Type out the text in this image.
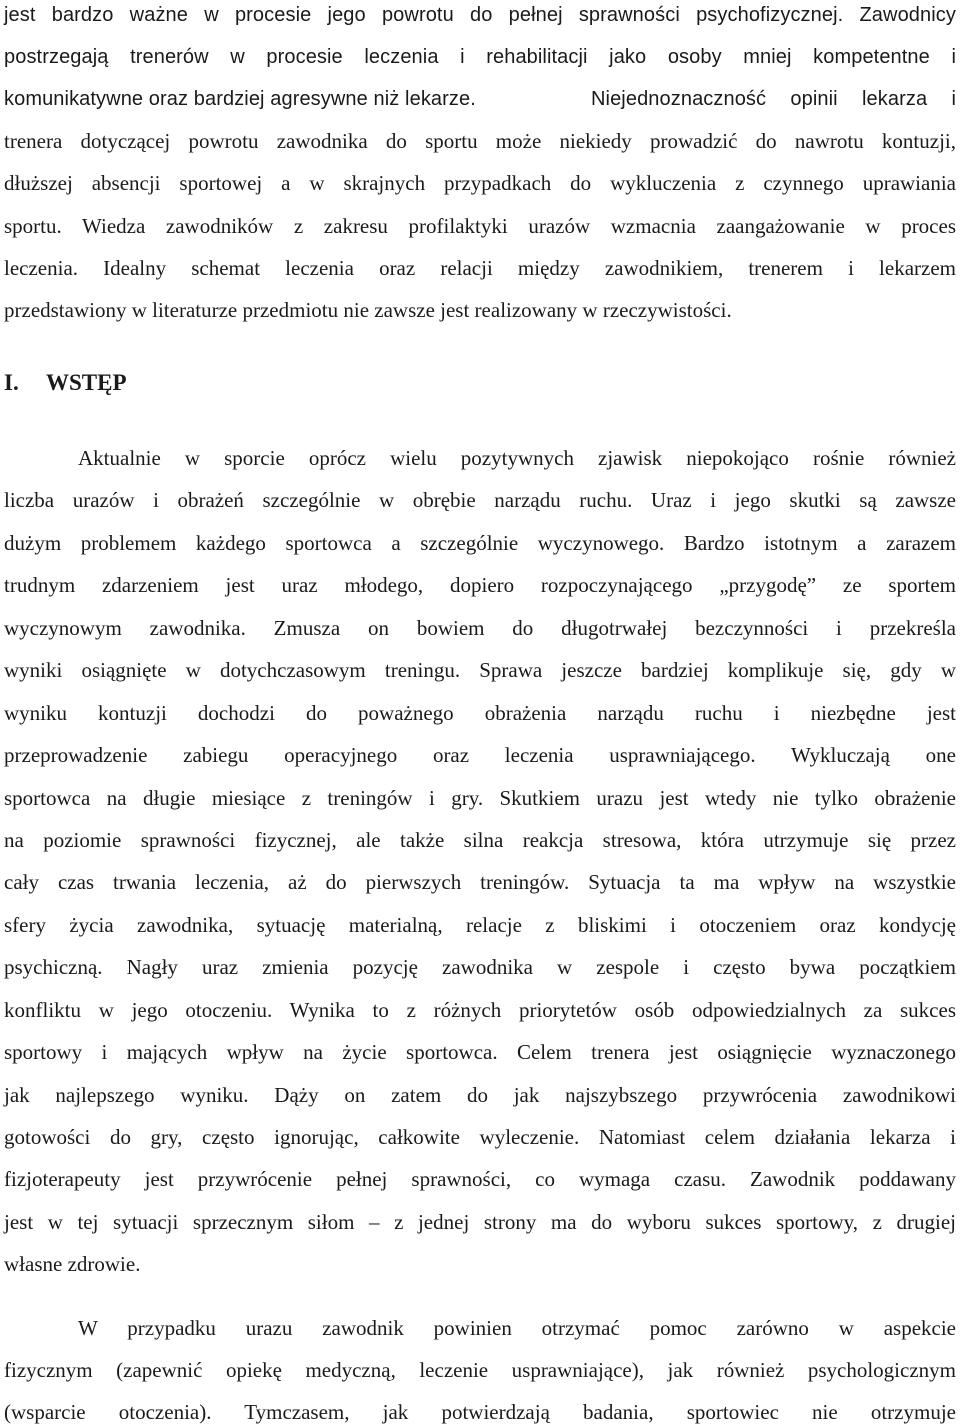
jest bardzo ważne w procesie jego powrotu do pełnej sprawności psychofizycznej. Zawodnicy
postrzegają trenerów w procesie leczenia i rehabilitacji jako osoby mniej kompetentne i
komunikatywne oraz bardziej agresywne niż lekarze.	Niejednoznaczność opinii lekarza i
trenera dotyczącej powrotu zawodnika do sportu może niekiedy prowadzić do nawrotu kontuzji,
dłuższej absencji sportowej a w skrajnych przypadkach do wykluczenia z czynnego uprawiania
sportu. Wiedza zawodników z zakresu profilaktyki urazów wzmacnia zaangażowanie w proces
leczenia. Idealny schemat leczenia oraz relacji między zawodnikiem, trenerem i lekarzem
przedstawiony w literaturze przedmiotu nie zawsze jest realizowany w rzeczywistości.
I. WSTĘP
Aktualnie w sporcie oprócz wielu pozytywnych zjawisk niepokojąco rośnie również
liczba urazów i obrażeń szczególnie w obrębie narządu ruchu. Uraz i jego skutki są zawsze
dużym problemem każdego sportowca a szczególnie wyczynowego. Bardzo istotnym a zarazem
trudnym zdarzeniem jest uraz młodego, dopiero rozpoczynającego „przygodę” ze sportem
wyczynowym zawodnika. Zmusza on bowiem do długotrwałej bezczynności i przekreśla
wyniki osiągnięte w dotychczasowym treningu. Sprawa jeszcze bardziej komplikuje się, gdy w
wyniku kontuzji dochodzi do poważnego obrażenia narządu ruchu i niezbędne jest
przeprowadzenie zabiegu operacyjnego oraz leczenia usprawniającego. Wykluczają one
sportowca na długie miesiące z treningów i gry. Skutkiem urazu jest wtedy nie tylko obrażenie
na poziomie sprawności fizycznej, ale także silna reakcja stresowa, która utrzymuje się przez
cały czas trwania leczenia, aż do pierwszych treningów. Sytuacja ta ma wpływ na wszystkie
sfery życia zawodnika, sytuację materialną, relacje z bliskimi i otoczeniem oraz kondycję
psychiczną. Nagły uraz zmienia pozycję zawodnika w zespole i często bywa początkiem
konfliktu w jego otoczeniu. Wynika to z różnych priorytetów osób odpowiedzialnych za sukces
sportowy i mających wpływ na życie sportowca. Celem trenera jest osiągnięcie wyznaczonego
jak najlepszego wyniku. Dąży on zatem do jak najszybszego przywrócenia zawodnikowi
gotowości do gry, często ignorując, całkowite wyleczenie. Natomiast celem działania lekarza i
fizjoterapeuty jest przywrócenie pełnej sprawności, co wymaga czasu. Zawodnik poddawany
jest w tej sytuacji sprzecznym siłom – z jednej strony ma do wyboru sukces sportowy, z drugiej
własne zdrowie.
W przypadku urazu zawodnik powinien otrzymać pomoc zarówno w aspekcie
fizycznym (zapewnić opiekę medyczną, leczenie usprawniające), jak również psychologicznym
(wsparcie otoczenia). Tymczasem, jak potwierdzają badania, sportowiec nie otrzymuje
